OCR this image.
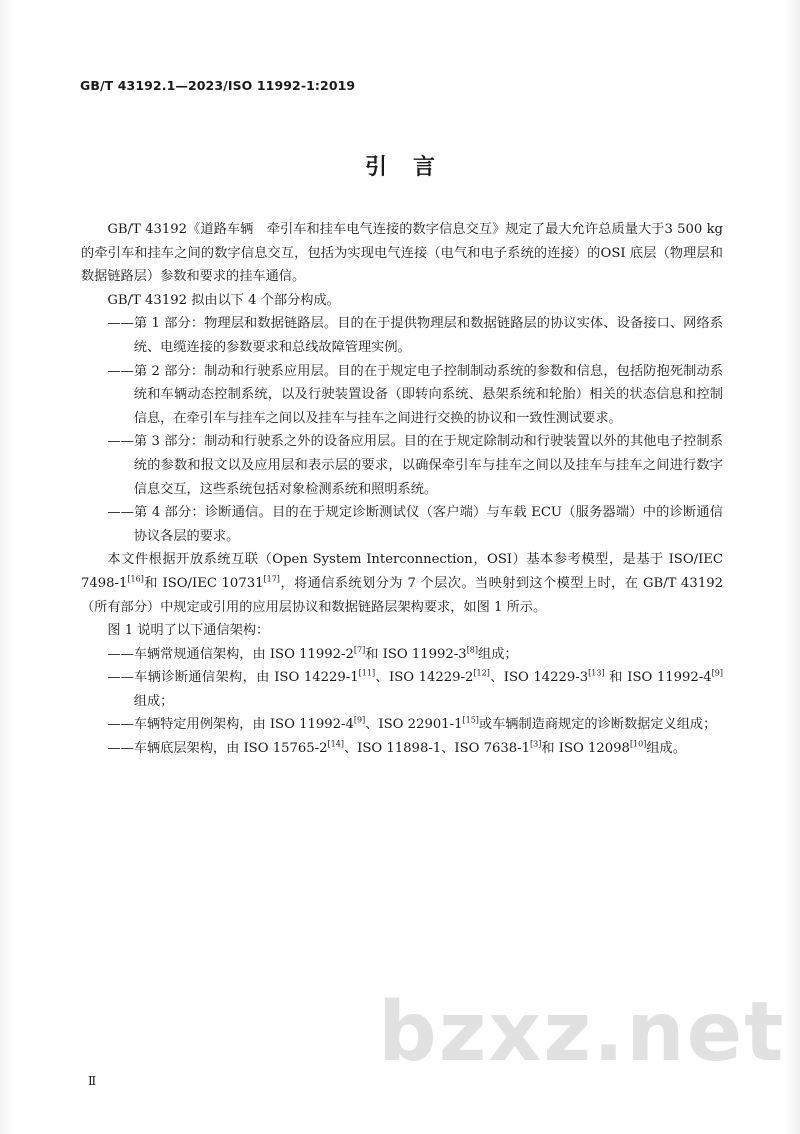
GB/T 43192.1—2023/ISO 11992-1:2019
引言

GB/T 43192《道路车辆　牵引车和挂车电气连接的数字信息交互》规定了最大允许总质量大于3 500 kg 的牵引车和挂车之间的数字信息交互，包括为实现电气连接（电气和电子系统的连接）的OSI 底层（物理层和数据链路层）参数和要求的挂车通信。

GB/T 43192 拟由以下 4 个部分构成。

——第 1 部分：物理层和数据链路层。目的在于提供物理层和数据链路层的协议实体、设备接口、网络系统、电缆连接的参数要求和总线故障管理实例。

——第 2 部分：制动和行驶系应用层。目的在于规定电子控制制动系统的参数和信息，包括防抱死制动系统和车辆动态控制系统，以及行驶装置设备（即转向系统、悬架系统和轮胎）相关的状态信息和控制信息，在牵引车与挂车之间以及挂车与挂车之间进行交换的协议和一致性测试要求。

——第 3 部分：制动和行驶系之外的设备应用层。目的在于规定除制动和行驶装置以外的其他电子控制系统的参数和报文以及应用层和表示层的要求，以确保牵引车与挂车之间以及挂车与挂车之间进行数字信息交互，这些系统包括对象检测系统和照明系统。

——第 4 部分：诊断通信。目的在于规定诊断测试仪（客户端）与车载 ECU（服务器端）中的诊断通信协议各层的要求。

本文件根据开放系统互联（Open System Interconnection，OSI）基本参考模型，是基于 ISO/IEC 7498-1[16]和 ISO/IEC 10731[17]，将通信系统划分为 7 个层次。当映射到这个模型上时，在 GB/T 43192（所有部分）中规定或引用的应用层协议和数据链路层架构要求，如图 1 所示。

图 1 说明了以下通信架构：

——车辆常规通信架构，由 ISO 11992-2[7]和 ISO 11992-3[8]组成；

——车辆诊断通信架构，由 ISO 14229-1[11]、ISO 14229-2[12]、ISO 14229-3[13] 和 ISO 11992-4[9]组成；

——车辆特定用例架构，由 ISO 11992-4[9]、ISO 22901-1[15]或车辆制造商规定的诊断数据定义组成；

——车辆底层架构，由 ISO 15765-2[14]、ISO 11898-1、ISO 7638-1[3]和 ISO 12098[10]组成。

Ⅱ
bzxz.net
